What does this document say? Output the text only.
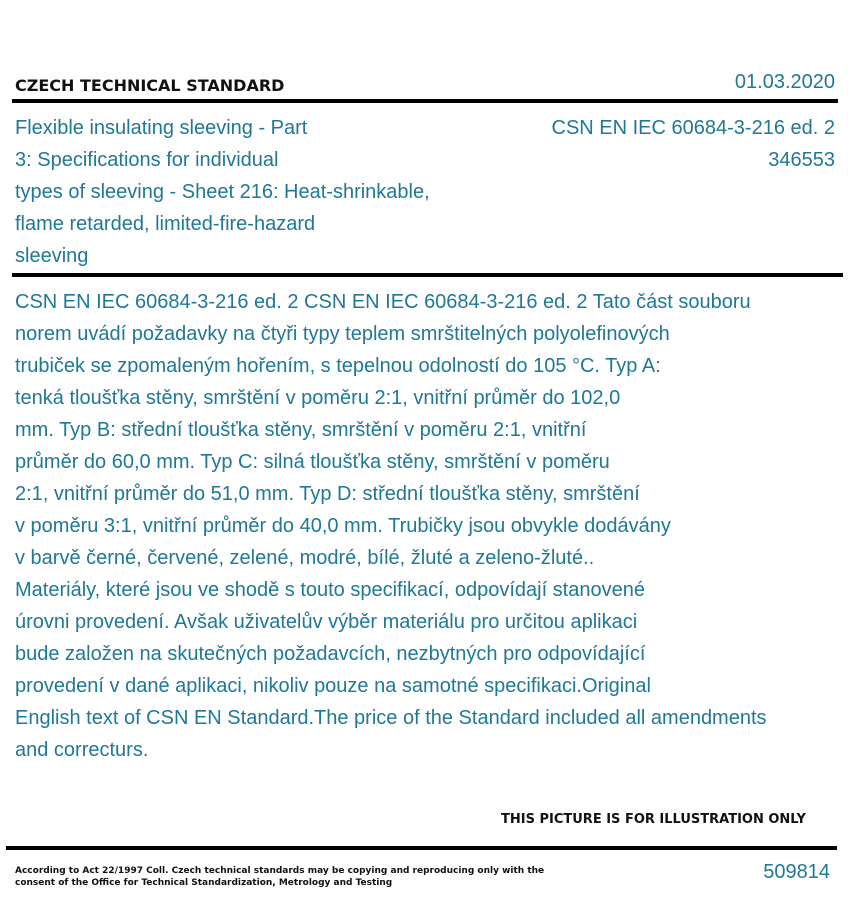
CZECH TECHNICAL STANDARD	01.03.2020
Flexible insulating sleeving - Part
3: Specifications for individual
types of sleeving - Sheet 216: Heat-shrinkable,
flame retarded, limited-fire-hazard
sleeving
CSN EN IEC 60684-3-216 ed. 2
346553

CSN EN IEC 60684-3-216 ed. 2 CSN EN IEC 60684-3-216 ed. 2 Tato část souboru
norem uvádí požadavky na čtyři typy teplem smrštitelných polyolefinových
trubiček se zpomaleným hořením, s tepelnou odolností do 105 °C. Typ A:
tenká tloušťka stěny, smrštění v poměru 2:1, vnitřní průměr do 102,0
mm. Typ B: střední tloušťka stěny, smrštění v poměru 2:1, vnitřní
průměr do 60,0 mm. Typ C: silná tloušťka stěny, smrštění v poměru
2:1, vnitřní průměr do 51,0 mm. Typ D: střední tloušťka stěny, smrštění
v poměru 3:1, vnitřní průměr do 40,0 mm. Trubičky jsou obvykle dodávány
v barvě černé, červené, zelené, modré, bílé, žluté a zeleno-žluté..
Materiály, které jsou ve shodě s touto specifikací, odpovídají stanovené
úrovni provedení. Avšak uživatelův výběr materiálu pro určitou aplikaci
bude založen na skutečných požadavcích, nezbytných pro odpovídající
provedení v dané aplikaci, nikoliv pouze na samotné specifikaci.Original
English text of CSN EN Standard.The price of the Standard included all amendments
and correcturs.

THIS PICTURE IS FOR ILLUSTRATION ONLY
According to Act 22/1997 Coll. Czech technical standards may be copying and reproducing only with the consent of the Office for Technical Standardization, Metrology and Testing	509814
